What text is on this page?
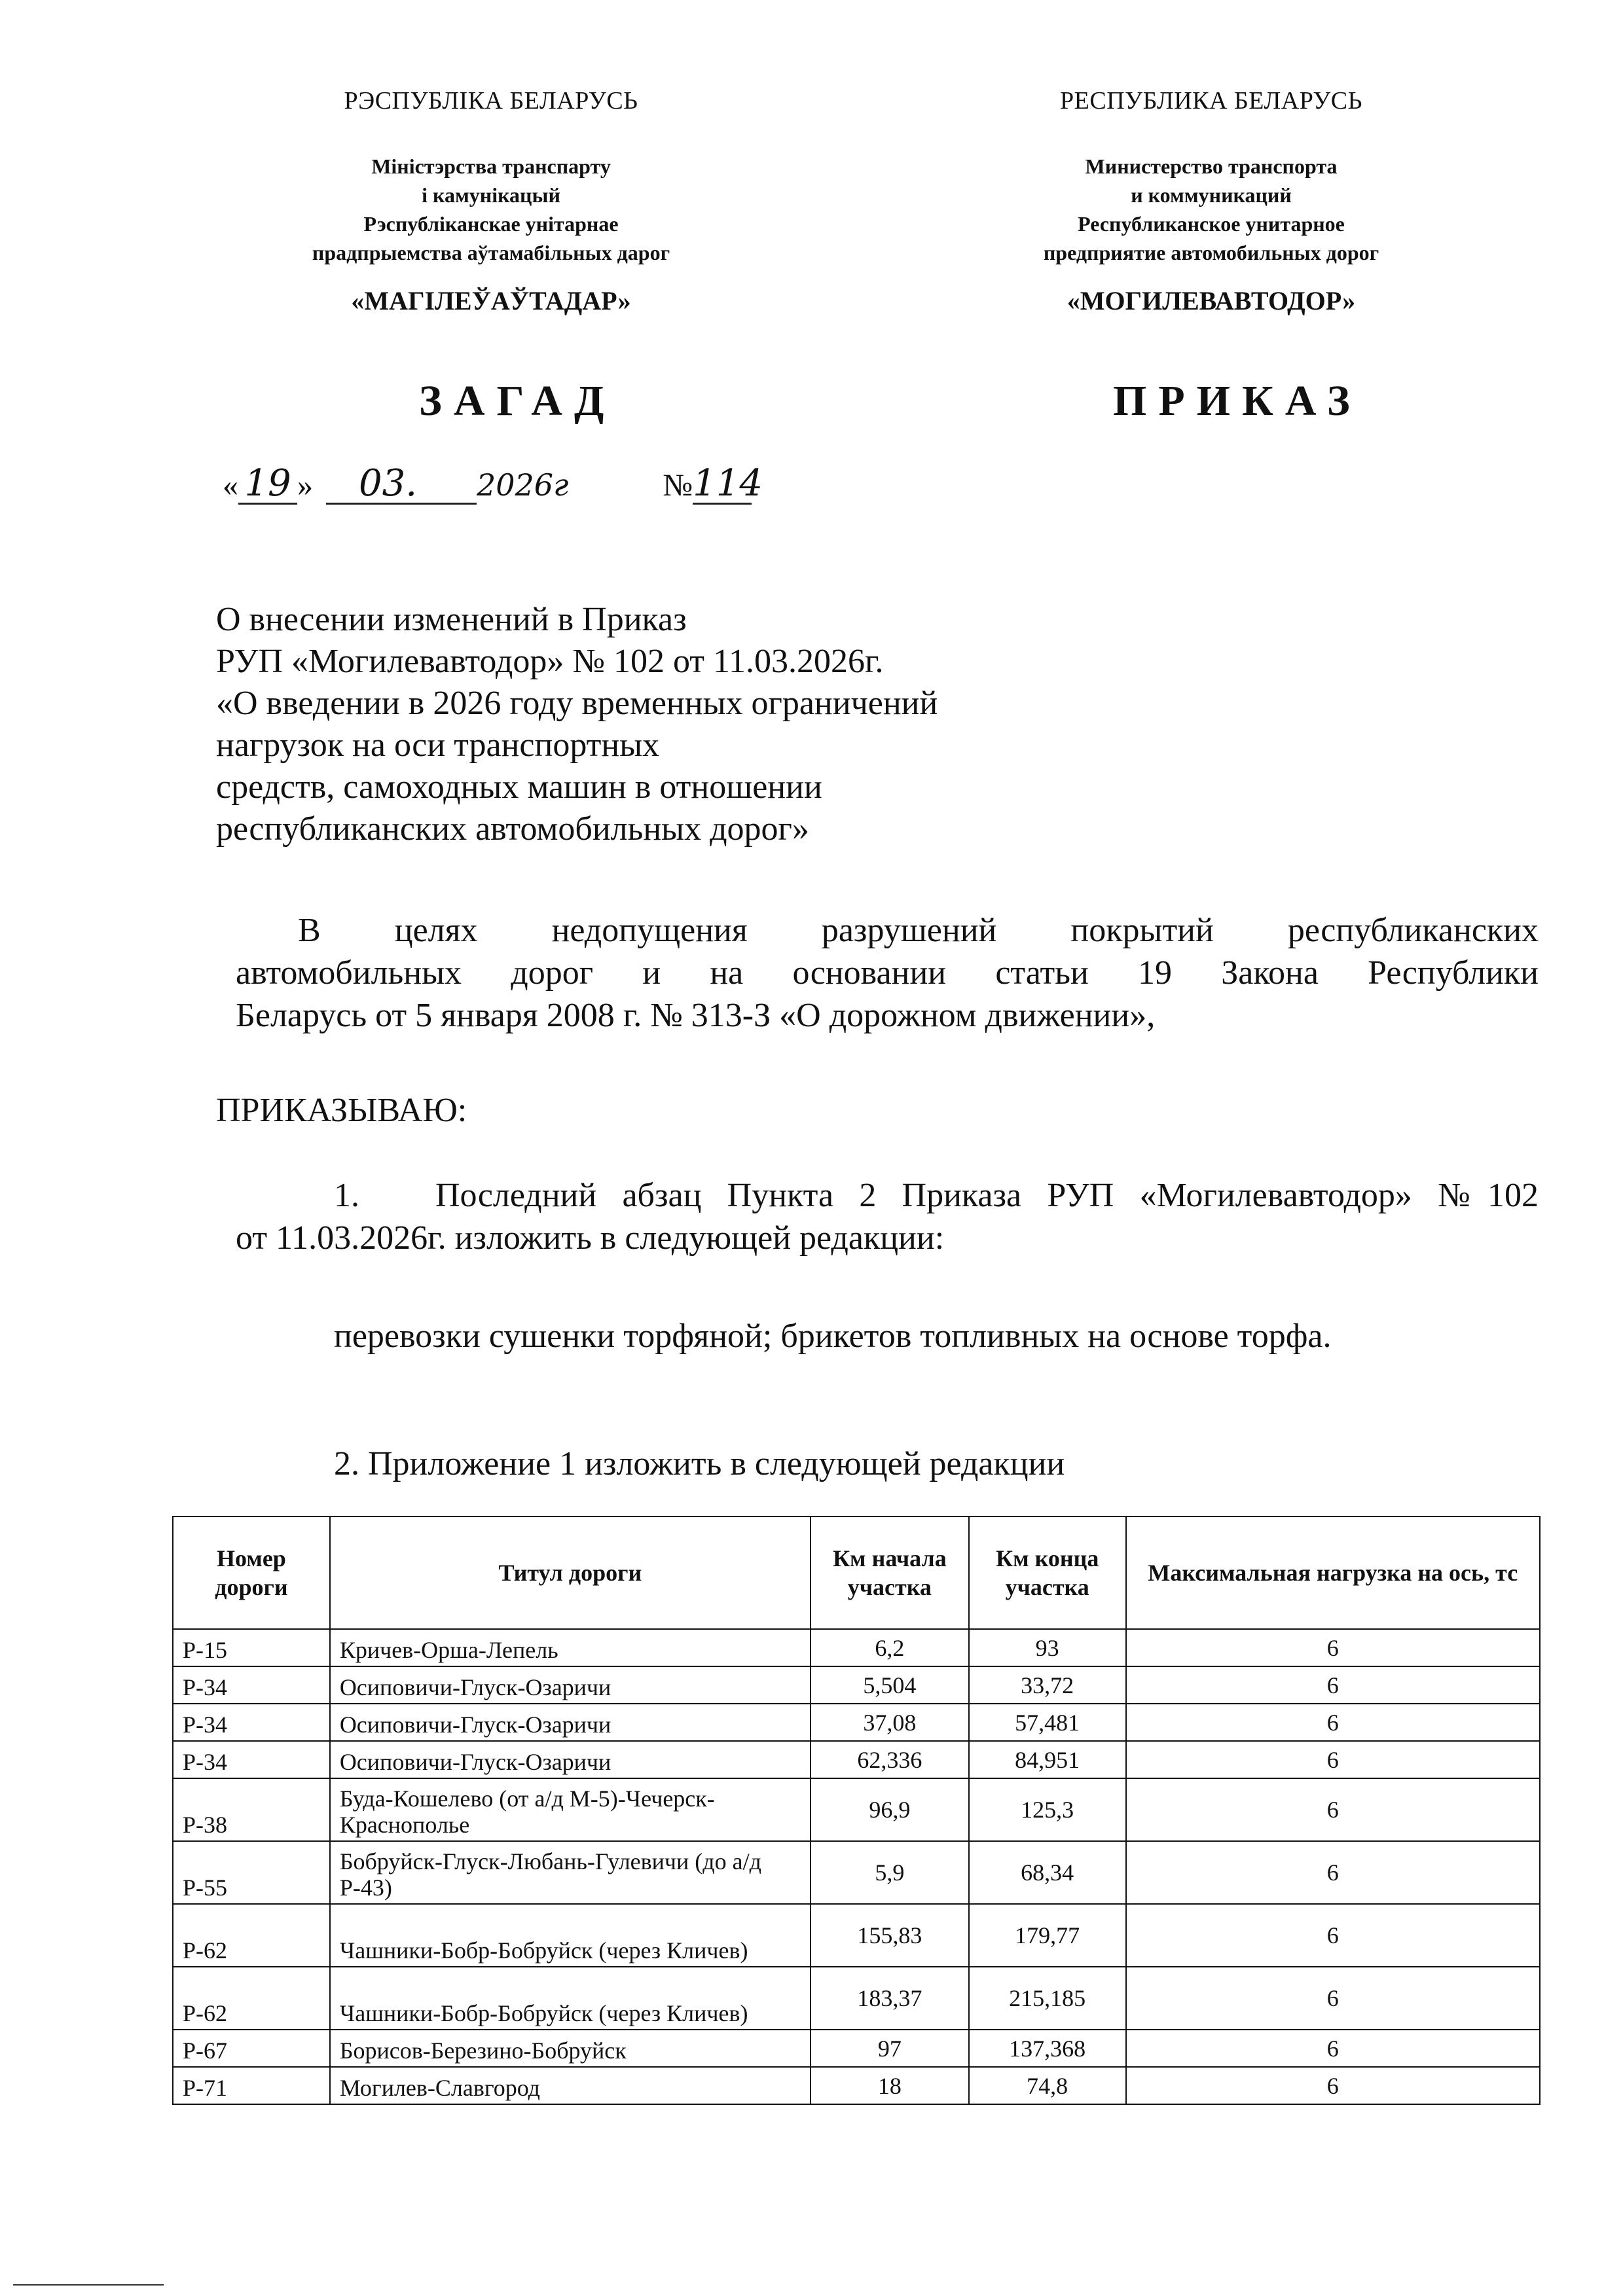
РЭСПУБЛІКА БЕЛАРУСЬ
Міністэрства транспарту
і камунікацый
Рэспубліканскае унітарнае
прадпрыемства аўтамабільных дарог
«МАГІЛЕЎАЎТАДАР»
РЕСПУБЛИКА БЕЛАРУСЬ
Министерство транспорта
и коммуникаций
Республиканское унитарное
предприятие автомобильных дорог
«МОГИЛЕВАВТОДОР»
ЗАГАД	ПРИКАЗ
« 19 » 03. 2026г	№114
О внесении изменений в Приказ
РУП «Могилевавтодор» № 102 от 11.03.2026г.
«О введении в 2026 году временных ограничений
нагрузок на оси транспортных
средств, самоходных машин в отношении
республиканских автомобильных дорог»
В целях недопущения разрушений покрытий республиканских
автомобильных дорог и на основании статьи 19 Закона Республики
Беларусь от 5 января 2008 г. № 313-З «О дорожном движении»,
ПРИКАЗЫВАЮ:
1. Последний абзац Пункта 2 Приказа РУП «Могилевавтодор» №102
от 11.03.2026г. изложить в следующей редакции:
перевозки сушенки торфяной; брикетов топливных на основе торфа.
2. Приложение 1 изложить в следующей редакции
Номер дороги	Титул дороги	Км начала участка	Км конца участка	Максимальная нагрузка на ось, тс
Р-15	Кричев-Орша-Лепель	6,2	93	6
Р-34	Осиповичи-Глуск-Озаричи	5,504	33,72	6
Р-34	Осиповичи-Глуск-Озаричи	37,08	57,481	6
Р-34	Осиповичи-Глуск-Озаричи	62,336	84,951	6
Р-38	Буда-Кошелево (от а/д М-5)-Чечерск-Краснополье	96,9	125,3	6
Р-55	Бобруйск-Глуск-Любань-Гулевичи (до а/д Р-43)	5,9	68,34	6
Р-62	Чашники-Бобр-Бобруйск (через Кличев)	155,83	179,77	6
Р-62	Чашники-Бобр-Бобруйск (через Кличев)	183,37	215,185	6
Р-67	Борисов-Березино-Бобруйск	97	137,368	6
Р-71	Могилев-Славгород	18	74,8	6
